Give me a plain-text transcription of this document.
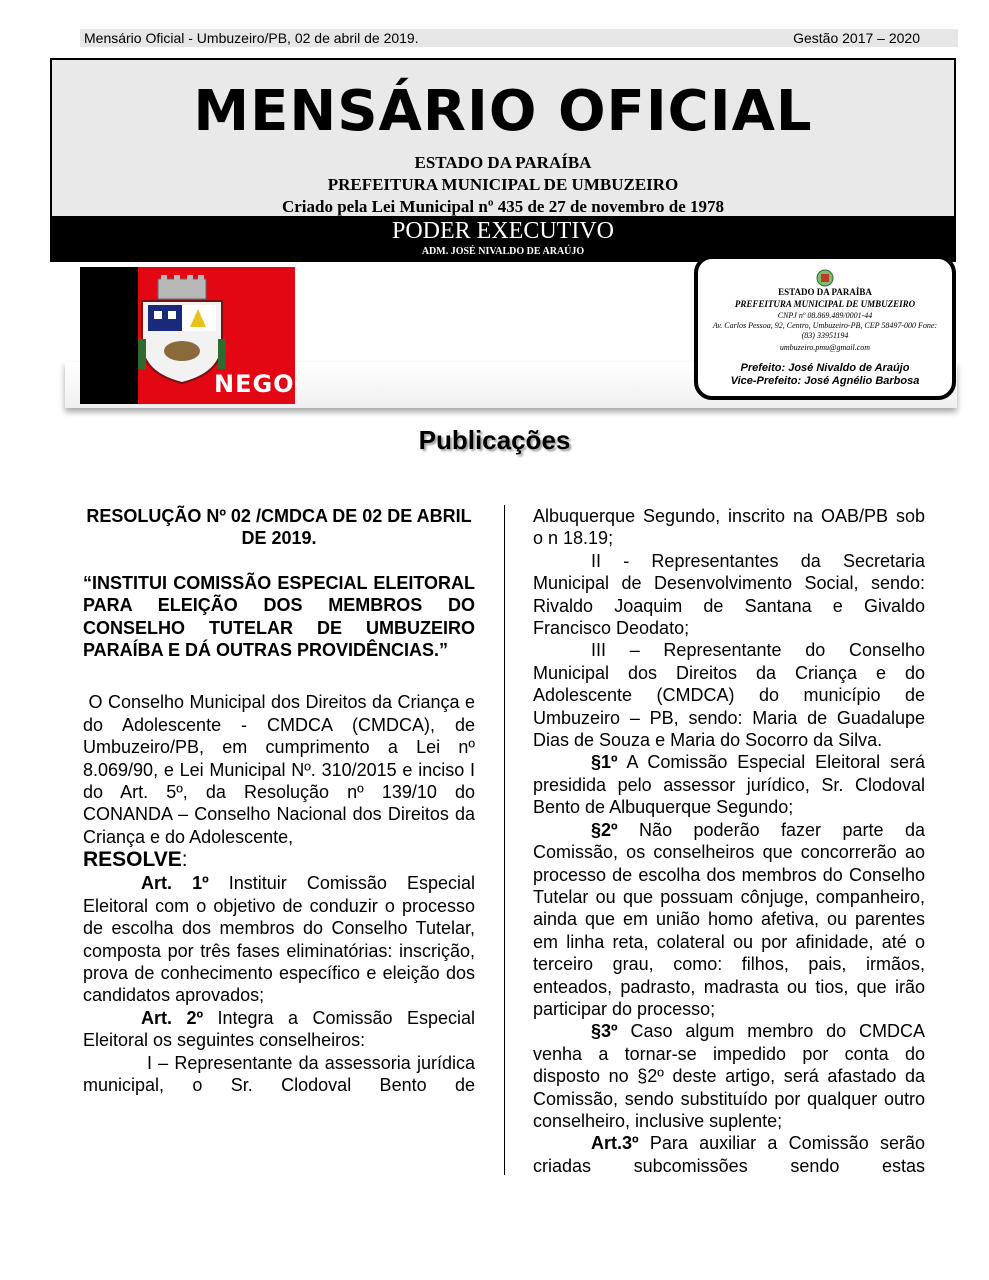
Mensário Oficial - Umbuzeiro/PB, 02 de abril de 2019.	Gestão 2017 – 2020
MENSÁRIO OFICIAL
ESTADO DA PARAÍBA
PREFEITURA MUNICIPAL DE UMBUZEIRO
Criado pela Lei Municipal nº 435 de 27 de novembro de 1978
PODER EXECUTIVO
ADM. JOSÉ NIVALDO DE ARAÚJO
NEGO
ESTADO DA PARAÍBA
PREFEITURA MUNICIPAL DE UMBUZEIRO
CNPJ nº 08.869.489/0001-44
Av. Carlos Pessoa, 92, Centro, Umbuzeiro-PB, CEP 58497-000 Fone: (83) 33951194
umbuzeiro.pmu@gmail.com
Prefeito: José Nivaldo de Araújo
Vice-Prefeito: José Agnélio Barbosa
Publicações

RESOLUÇÃO Nº 02 /CMDCA DE 02 DE ABRIL DE 2019.

“INSTITUI COMISSÃO ESPECIAL ELEITORAL PARA ELEIÇÃO DOS MEMBROS DO CONSELHO TUTELAR DE UMBUZEIRO PARAÍBA E DÁ OUTRAS PROVIDÊNCIAS.”

O Conselho Municipal dos Direitos da Criança e do Adolescente - CMDCA (CMDCA), de Umbuzeiro/PB, em cumprimento a Lei nº 8.069/90, e Lei Municipal Nº. 310/2015 e inciso I do Art. 5º, da Resolução nº 139/10 do CONANDA – Conselho Nacional dos Direitos da Criança e do Adolescente,

RESOLVE:

Art. 1º Instituir Comissão Especial Eleitoral com o objetivo de conduzir o processo de escolha dos membros do Conselho Tutelar, composta por três fases eliminatórias: inscrição, prova de conhecimento específico e eleição dos candidatos aprovados;

Art. 2º Integra a Comissão Especial Eleitoral os seguintes conselheiros:

I – Representante da assessoria jurídica municipal, o Sr. Clodoval Bento de

Albuquerque Segundo, inscrito na OAB/PB sob o n 18.19;

II - Representantes da Secretaria Municipal de Desenvolvimento Social, sendo: Rivaldo Joaquim de Santana e Givaldo Francisco Deodato;

III – Representante do Conselho Municipal dos Direitos da Criança e do Adolescente (CMDCA) do município de Umbuzeiro – PB, sendo: Maria de Guadalupe Dias de Souza e Maria do Socorro da Silva.

§1º A Comissão Especial Eleitoral será presidida pelo assessor jurídico, Sr. Clodoval Bento de Albuquerque Segundo;

§2º Não poderão fazer parte da Comissão, os conselheiros que concorrerão ao processo de escolha dos membros do Conselho Tutelar ou que possuam cônjuge, companheiro, ainda que em união homo afetiva, ou parentes em linha reta, colateral ou por afinidade, até o terceiro grau, como: filhos, pais, irmãos, enteados, padrasto, madrasta ou tios, que irão participar do processo;

§3º Caso algum membro do CMDCA venha a tornar-se impedido por conta do disposto no §2º deste artigo, será afastado da Comissão, sendo substituído por qualquer outro conselheiro, inclusive suplente;

Art.3º Para auxiliar a Comissão serão criadas subcomissões sendo estas
